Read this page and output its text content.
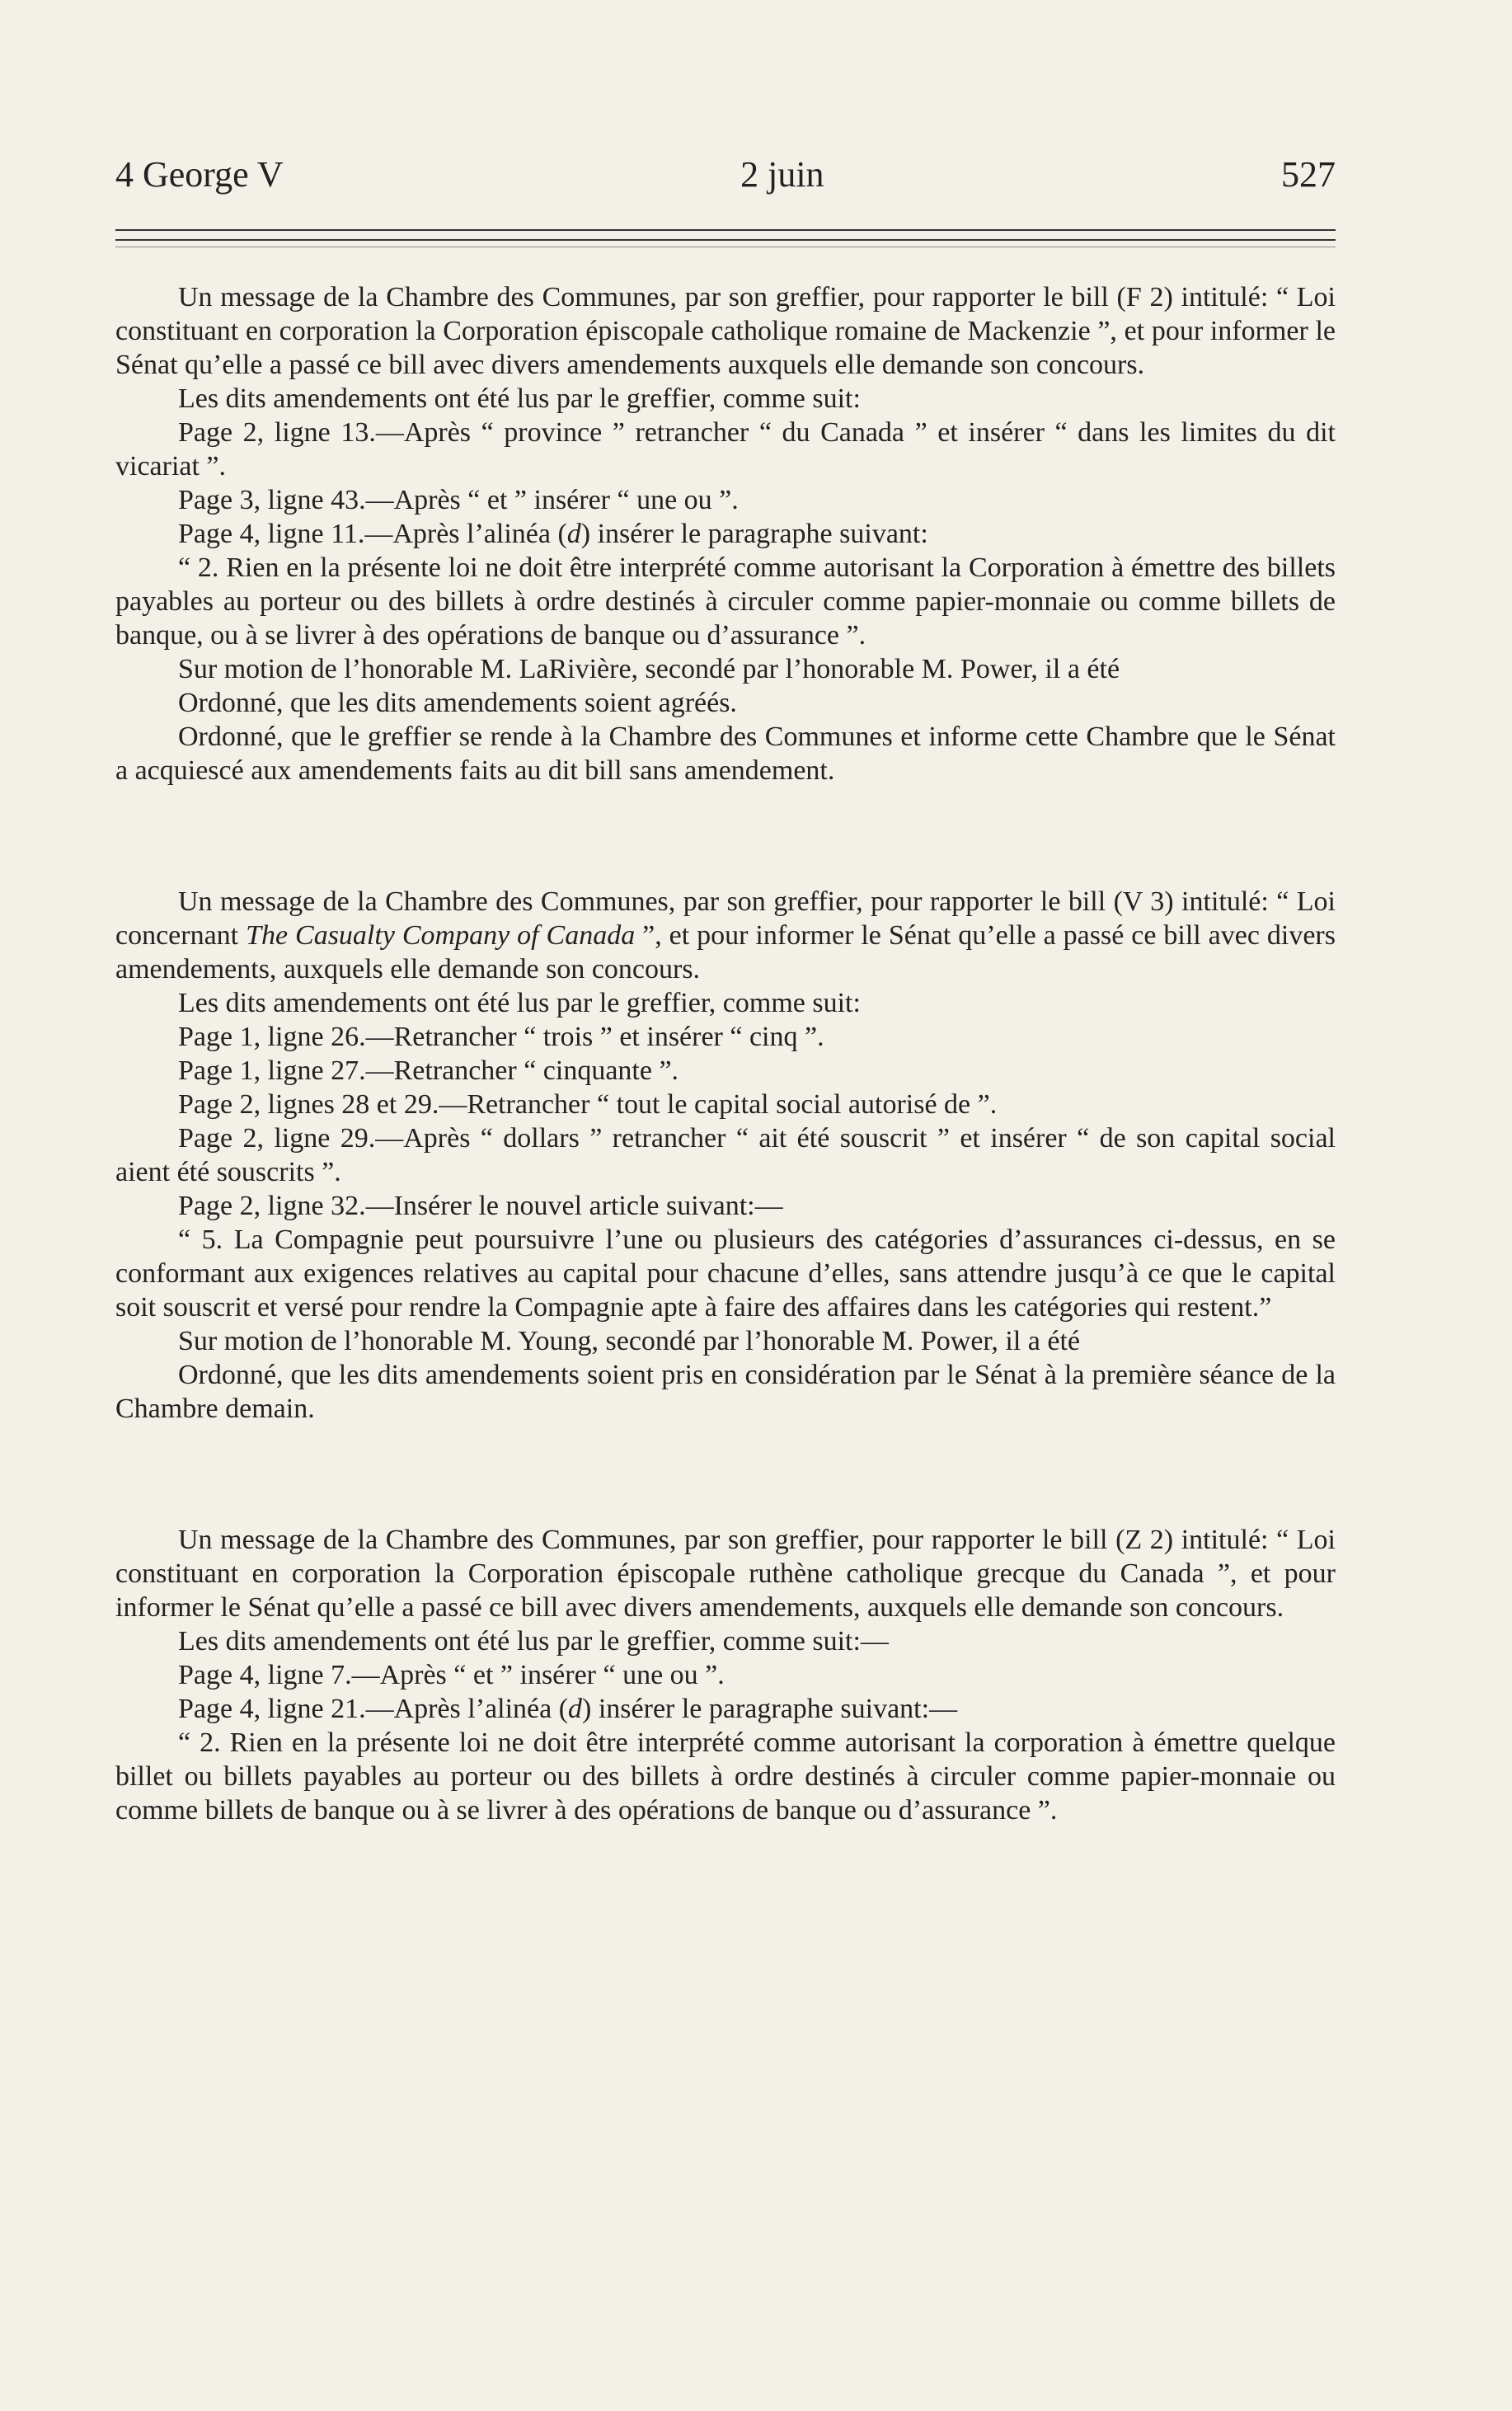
4 George V	2 juin	527

Un message de la Chambre des Communes, par son greffier, pour rapporter le bill (F 2) intitulé: “ Loi constituant en corporation la Corporation épiscopale catholique romaine de Mackenzie ”, et pour informer le Sénat qu’elle a passé ce bill avec divers amendements auxquels elle demande son concours.

Les dits amendements ont été lus par le greffier, comme suit:

Page 2, ligne 13.—Après “ province ” retrancher “ du Canada ” et insérer “ dans les limites du dit vicariat ”.

Page 3, ligne 43.—Après “ et ” insérer “ une ou ”.

Page 4, ligne 11.—Après l’alinéa (d) insérer le paragraphe suivant:

“ 2. Rien en la présente loi ne doit être interprété comme autorisant la Corporation à émettre des billets payables au porteur ou des billets à ordre destinés à circuler comme papier-monnaie ou comme billets de banque, ou à se livrer à des opérations de banque ou d’assurance ”.

Sur motion de l’honorable M. LaRivière, secondé par l’honorable M. Power, il a été

Ordonné, que les dits amendements soient agréés.

Ordonné, que le greffier se rende à la Chambre des Communes et informe cette Chambre que le Sénat a acquiescé aux amendements faits au dit bill sans amendement.

Un message de la Chambre des Communes, par son greffier, pour rapporter le bill (V 3) intitulé: “ Loi concernant The Casualty Company of Canada ”, et pour informer le Sénat qu’elle a passé ce bill avec divers amendements, auxquels elle demande son concours.

Les dits amendements ont été lus par le greffier, comme suit:

Page 1, ligne 26.—Retrancher “ trois ” et insérer “ cinq ”.

Page 1, ligne 27.—Retrancher “ cinquante ”.

Page 2, lignes 28 et 29.—Retrancher “ tout le capital social autorisé de ”.

Page 2, ligne 29.—Après “ dollars ” retrancher “ ait été souscrit ” et insérer “ de son capital social aient été souscrits ”.

Page 2, ligne 32.—Insérer le nouvel article suivant:—

“ 5. La Compagnie peut poursuivre l’une ou plusieurs des catégories d’assurances ci-dessus, en se conformant aux exigences relatives au capital pour chacune d’elles, sans attendre jusqu’à ce que le capital soit souscrit et versé pour rendre la Compagnie apte à faire des affaires dans les catégories qui restent.”

Sur motion de l’honorable M. Young, secondé par l’honorable M. Power, il a été

Ordonné, que les dits amendements soient pris en considération par le Sénat à la première séance de la Chambre demain.

Un message de la Chambre des Communes, par son greffier, pour rapporter le bill (Z 2) intitulé: “ Loi constituant en corporation la Corporation épiscopale ruthène catholique grecque du Canada ”, et pour informer le Sénat qu’elle a passé ce bill avec divers amendements, auxquels elle demande son concours.

Les dits amendements ont été lus par le greffier, comme suit:—

Page 4, ligne 7.—Après “ et ” insérer “ une ou ”.

Page 4, ligne 21.—Après l’alinéa (d) insérer le paragraphe suivant:—

“ 2. Rien en la présente loi ne doit être interprété comme autorisant la corporation à émettre quelque billet ou billets payables au porteur ou des billets à ordre destinés à circuler comme papier-monnaie ou comme billets de banque ou à se livrer à des opérations de banque ou d’assurance ”.
